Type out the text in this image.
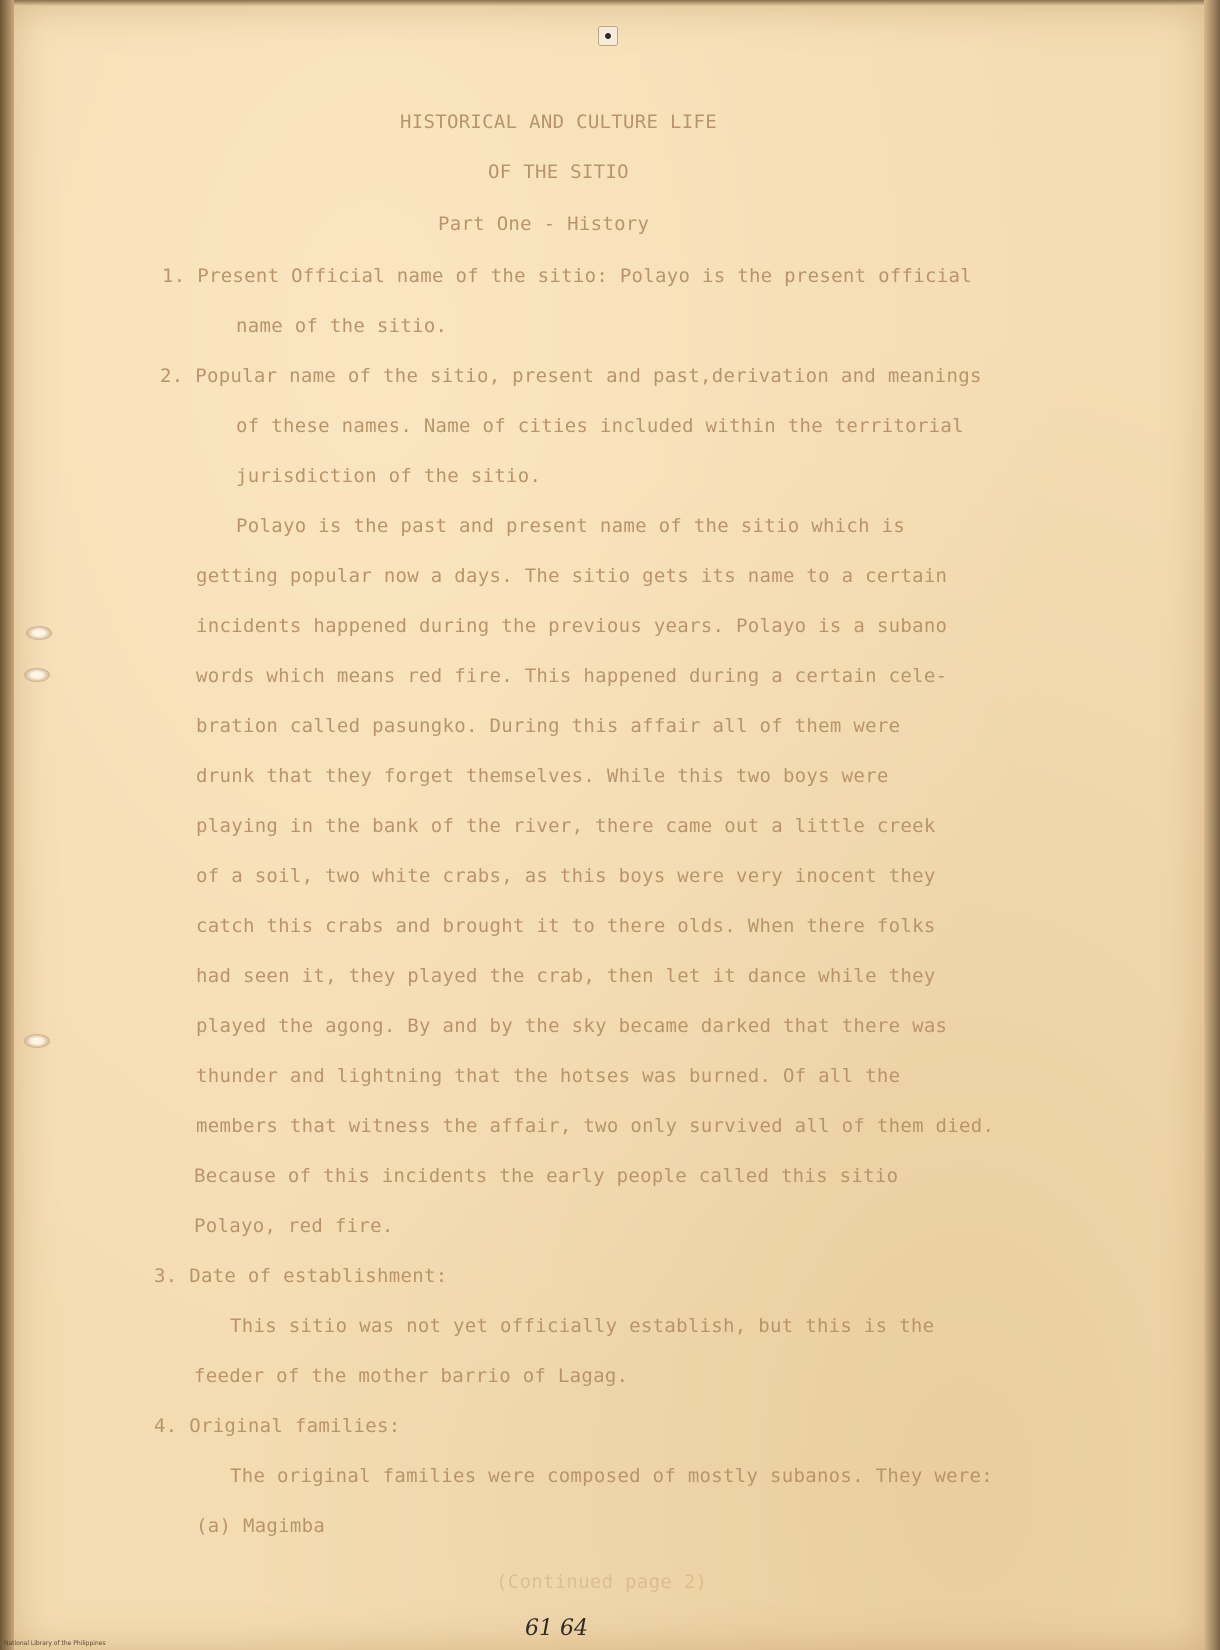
HISTORICAL AND CULTURE LIFE
OF THE SITIO
Part One - History
1. Present Official name of the sitio: Polayo is the present official
name of the sitio.
2. Popular name of the sitio, present and past,derivation and meanings
of these names. Name of cities included within the territorial
jurisdiction of the sitio.
Polayo is the past and present name of the sitio which is
getting popular now a days. The sitio gets its name to a certain
incidents happened during the previous years. Polayo is a subano
words which means red fire. This happened during a certain cele-
bration called pasungko. During this affair all of them were
drunk that they forget themselves. While this two boys were
playing in the bank of the river, there came out a little creek
of a soil, two white crabs, as this boys were very inocent they
catch this crabs and brought it to there olds. When there folks
had seen it, they played the crab, then let it dance while they
played the agong. By and by the sky became darked that there was
thunder and lightning that the hotses was burned. Of all the
members that witness the affair, two only survived all of them died.
Because of this incidents the early people called this sitio
Polayo, red fire.
3. Date of establishment:
This sitio was not yet officially establish, but this is the
feeder of the mother barrio of Lagag.
4. Original families:
The original families were composed of mostly subanos. They were:
(a) Magimba
(Continued page 2)
61 64
National Library of the Philippines
